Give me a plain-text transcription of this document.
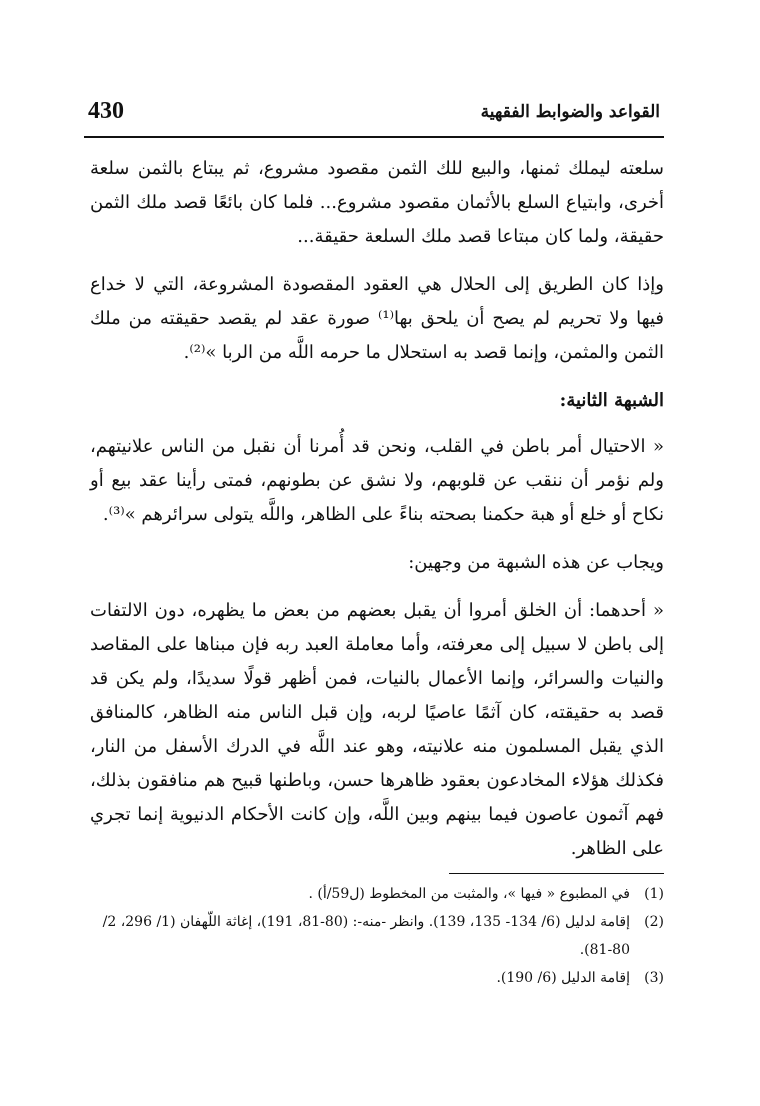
القواعد والضوابط الفقهية
430

سلعته ليملك ثمنها، والبيع للك الثمن مقصود مشروع، ثم يبتاع بالثمن سلعة أخرى، وابتياع السلع بالأثمان مقصود مشروع... فلما كان بائعًا قصد ملك الثمن حقيقة، ولما كان مبتاعا قصد ملك السلعة حقيقة...

وإذا كان الطريق إلى الحلال هي العقود المقصودة المشروعة، التي لا خداع فيها ولا تحريم لم يصح أن يلحق بها⁽¹⁾ صورة عقد لم يقصد حقيقته من ملك الثمن والمثمن، وإنما قصد به استحلال ما حرمه اللَّه من الربا »⁽²⁾.

الشبهة الثانية:

« الاحتيال أمر باطن في القلب، ونحن قد أُمرنا أن نقبل من الناس علانيتهم، ولم نؤمر أن ننقب عن قلوبهم، ولا نشق عن بطونهم، فمتى رأينا عقد بيع أو نكاح أو خلع أو هبة حكمنا بصحته بناءً على الظاهر، واللَّه يتولى سرائرهم »⁽³⁾.

ويجاب عن هذه الشبهة من وجهين:

« أحدهما: أن الخلق أمروا أن يقبل بعضهم من بعض ما يظهره، دون الالتفات إلى باطن لا سبيل إلى معرفته، وأما معاملة العبد ربه فإن مبناها على المقاصد والنيات والسرائر، وإنما الأعمال بالنيات، فمن أظهر قولًا سديدًا، ولم يكن قد قصد به حقيقته، كان آثمًا عاصيًا لربه، وإن قبل الناس منه الظاهر، كالمنافق الذي يقبل المسلمون منه علانيته، وهو عند اللَّه في الدرك الأسفل من النار، فكذلك هؤلاء المخادعون بعقود ظاهرها حسن، وباطنها قبيح هم منافقون بذلك، فهم آثمون عاصون فيما بينهم وبين اللَّه، وإن كانت الأحكام الدنيوية إنما تجري على الظاهر.

(1)
في المطبوع « فيها »، والمثبت من المخطوط (ل59/أ) .
(2)
إقامة لدليل (6/ 134- 135، 139). وانظر -منه-: (80-81، 191)، إغاثة اللّهفان (1/ 296، 2/ 80-81).
(3)
إقامة الدليل (6/ 190).
